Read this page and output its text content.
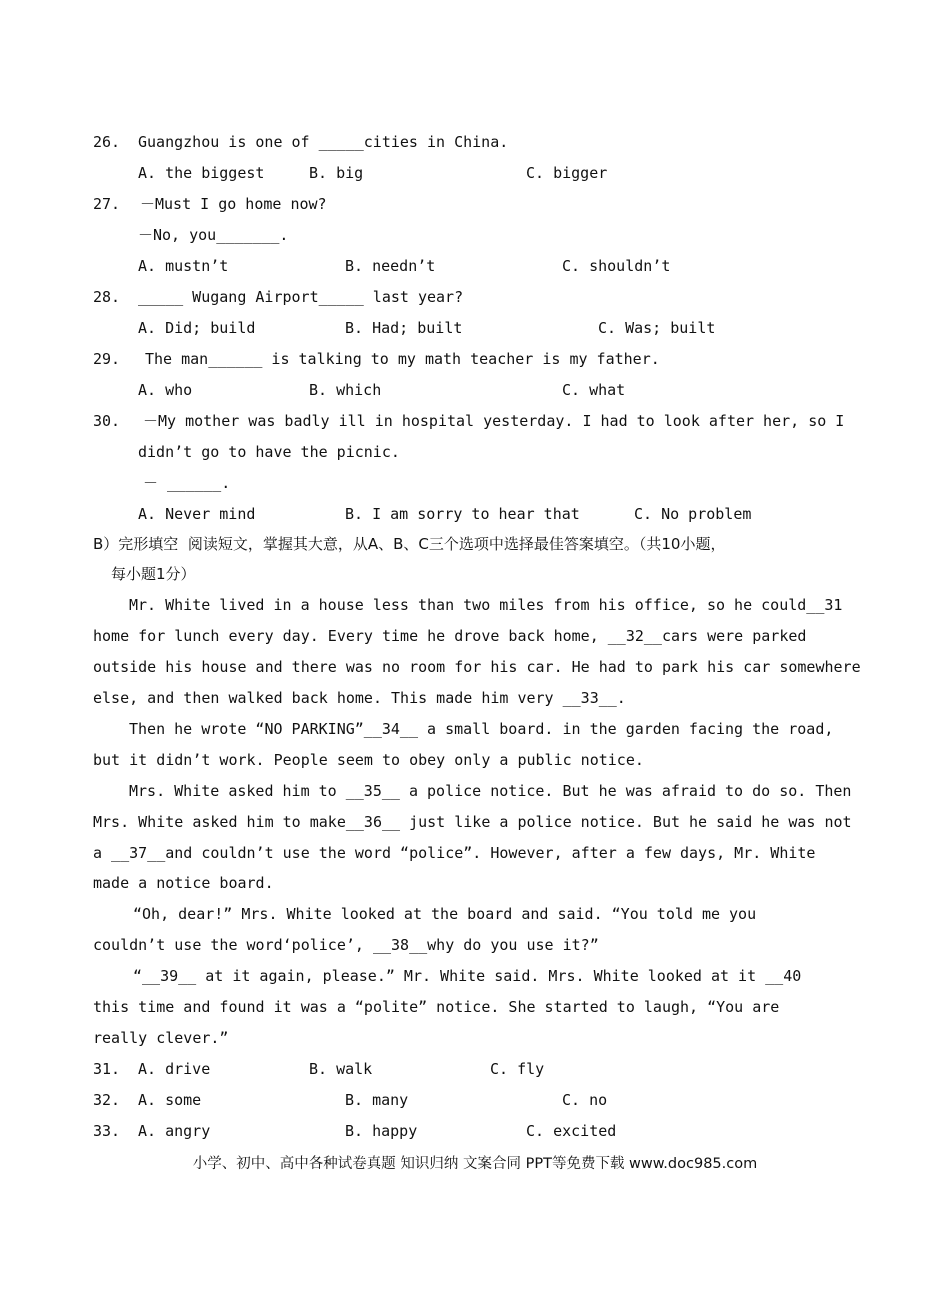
26. Guangzhou is one of _____cities in China.
A. the biggest	B. big	C. bigger
27. －Must I go home now?
－No, you_______.
A. mustn’t	B. needn’t	C. shouldn’t
28. _____ Wugang Airport_____ last year?
A. Did; build	B. Had; built	C. Was; built
29. The man______ is talking to my math teacher is my father.
A. who	B. which	C. what
30. －My mother was badly ill in hospital yesterday. I had to look after her, so I
didn’t go to have the picnic.
－ ______.
A. Never mind	B. I am sorry to hear that	C. No problem
B）完形填空  阅读短文，掌握其大意，从A、B、C三个选项中选择最佳答案填空。（共10小题，
每小题1分）
Mr. White lived in a house less than two miles from his office, so he could__31
home for lunch every day. Every time he drove back home, __32__cars were parked
outside his house and there was no room for his car. He had to park his car somewhere
else, and then walked back home. This made him very __33__.
Then he wrote “NO PARKING”__34__ a small board. in the garden facing the road,
but it didn’t work. People seem to obey only a public notice.
Mrs. White asked him to __35__ a police notice. But he was afraid to do so. Then
Mrs. White asked him to make__36__ just like a police notice. But he said he was not
a __37__and couldn’t use the word “police”. However, after a few days, Mr. White
made a notice board.
“Oh, dear!” Mrs. White looked at the board and said. “You told me you
couldn’t use the word‘police’, __38__why do you use it?”
“__39__ at it again, please.” Mr. White said. Mrs. White looked at it __40
this time and found it was a “polite” notice. She started to laugh, “You are
really clever.”
31. A. drive	B. walk	C. fly
32. A. some	B. many	C. no
33. A. angry	B. happy	C. excited
小学、初中、高中各种试卷真题 知识归纳 文案合同 PPT等免费下载 www.doc985.com
